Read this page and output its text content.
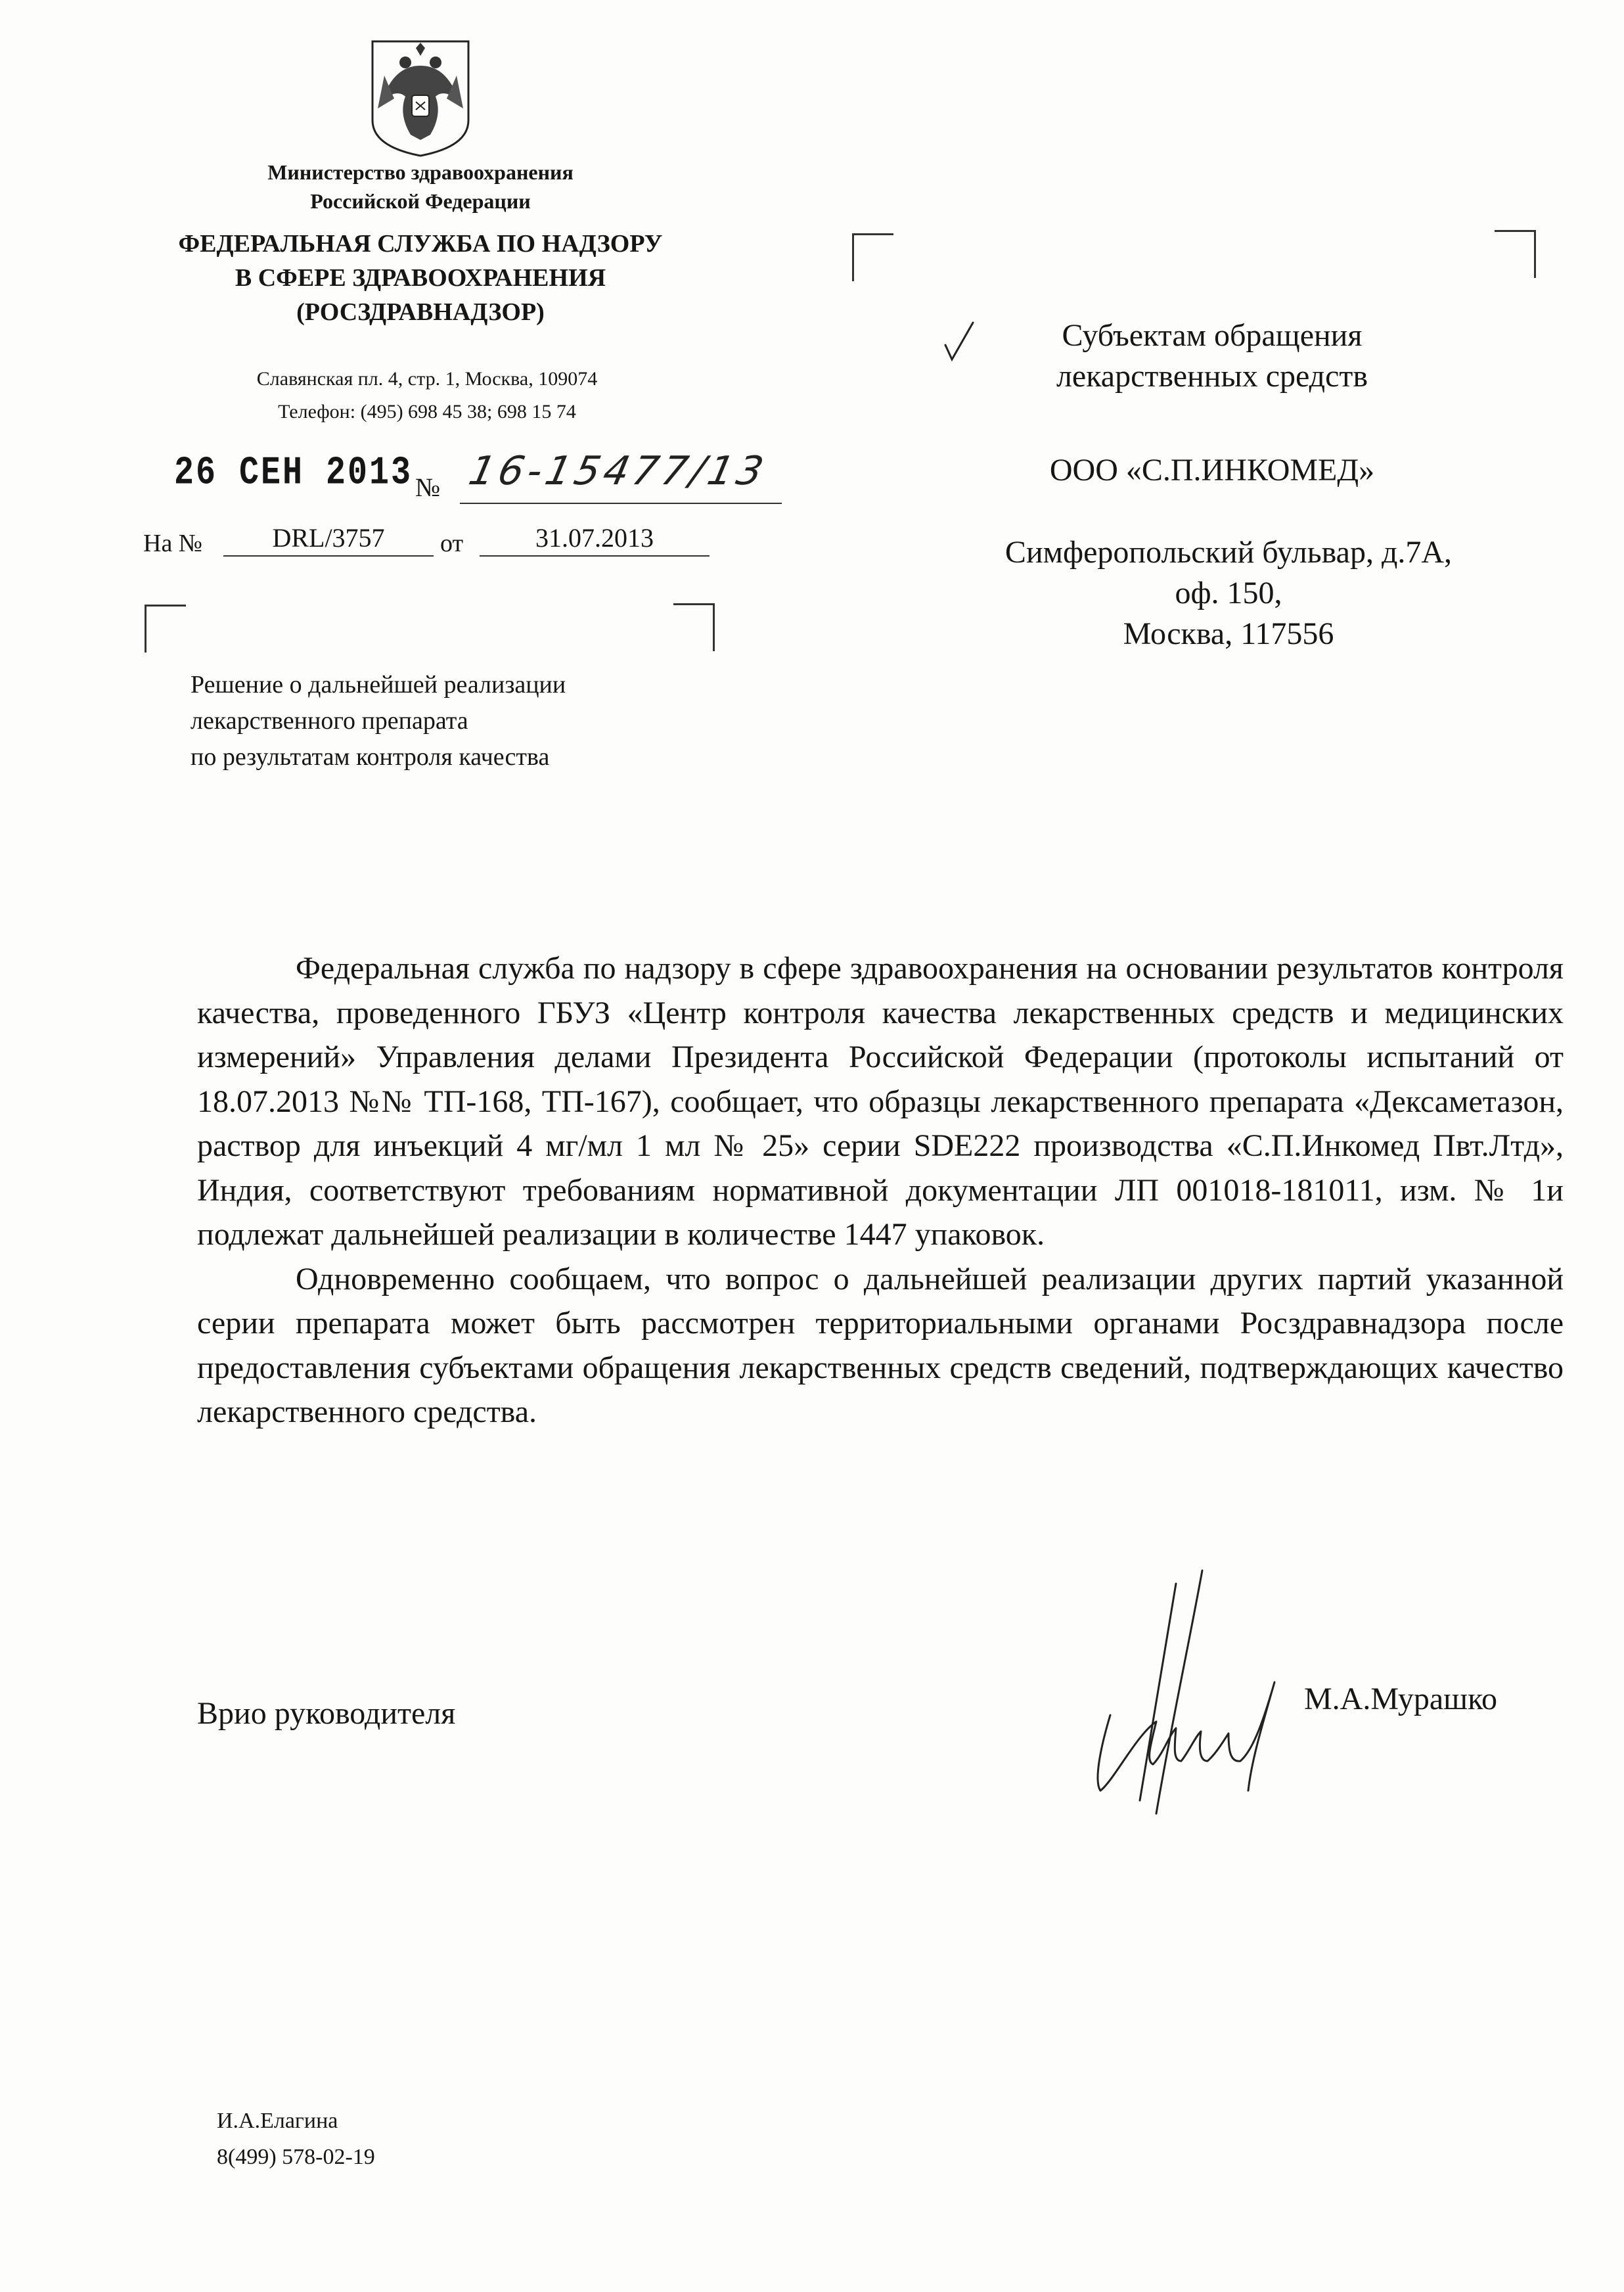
Министерство здравоохранения
Российской Федерации
ФЕДЕРАЛЬНАЯ СЛУЖБА ПО НАДЗОРУ
В СФЕРЕ ЗДРАВООХРАНЕНИЯ
(РОСЗДРАВНАДЗОР)
Славянская пл. 4, стр. 1, Москва, 109074
Телефон: (495) 698 45 38; 698 15 74
26 СЕН 2013 № 16-15477/13
На №	DRL/3757	от	31.07.2013
Решение о дальнейшей реализации
лекарственного препарата
по результатам контроля качества
Субъектам обращения
лекарственных средств
ООО «С.П.ИНКОМЕД»
Симферопольский бульвар, д.7А,
оф. 150,
Москва, 117556

Федеральная служба по надзору в сфере здравоохранения на основании результатов контроля качества, проведенного ГБУЗ «Центр контроля качества лекарственных средств и медицинских измерений» Управления делами Президента Российской Федерации (протоколы испытаний от 18.07.2013 №№ ТП-168, ТП-167), сообщает, что образцы лекарственного препарата «Дексаметазон, раствор для инъекций 4 мг/мл 1 мл № 25» серии SDE222 производства «С.П.Инкомед Пвт.Лтд», Индия, соответствуют требованиям нормативной документации ЛП 001018-181011, изм. № 1и подлежат дальнейшей реализации в количестве 1447 упаковок.

Одновременно сообщаем, что вопрос о дальнейшей реализации других партий указанной серии препарата может быть рассмотрен территориальными органами Росздравнадзора после предоставления субъектами обращения лекарственных средств сведений, подтверждающих качество лекарственного средства.

Врио руководителя	М.А.Мурашко
И.А.Елагина
8(499) 578-02-19
